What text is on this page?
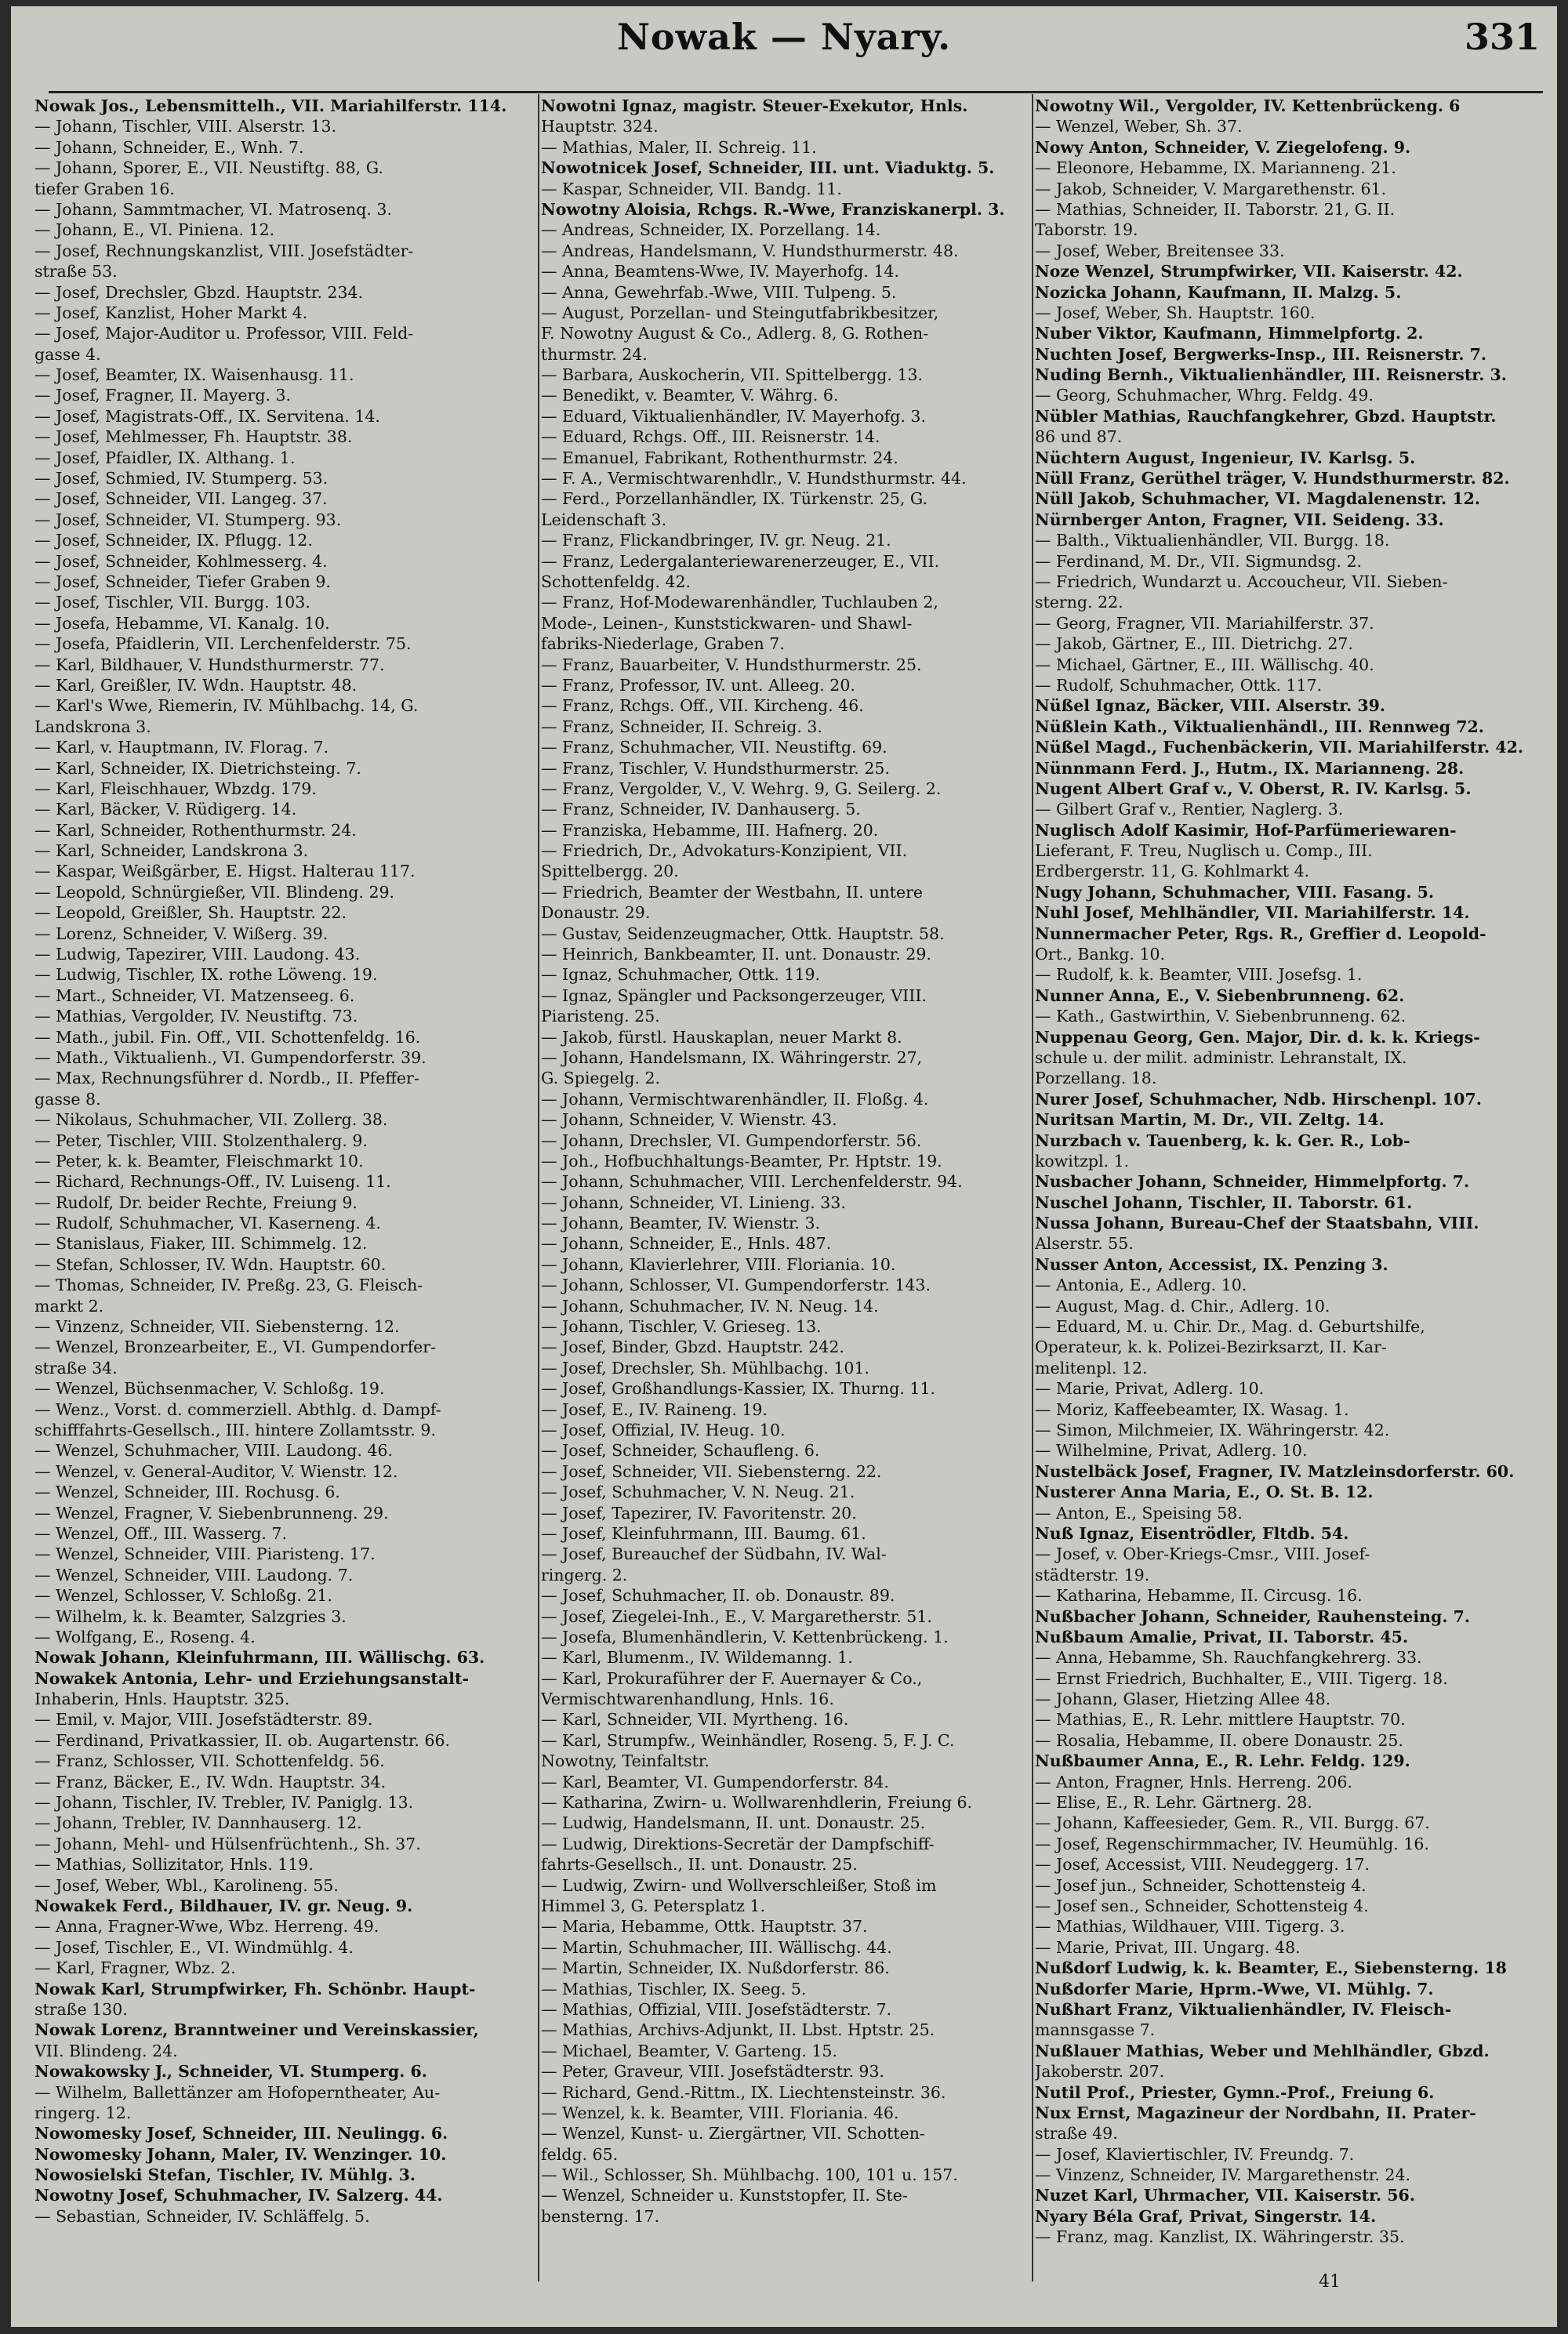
Nowak — Nyary.	331
Nowak Jos., Lebensmittelh., VII. Mariahilferstr. 114.
— Johann, Tischler, VIII. Alserstr. 13.
— Johann, Schneider, E., Wnh. 7.
— Johann, Sporer, E., VII. Neustiftg. 88, G.
tiefer Graben 16.
— Johann, Sammtmacher, VI. Matrosenq. 3.
— Johann, E., VI. Piniena. 12.
— Josef, Rechnungskanzlist, VIII. Josefstädter-
straße 53.
— Josef, Drechsler, Gbzd. Hauptstr. 234.
— Josef, Kanzlist, Hoher Markt 4.
— Josef, Major-Auditor u. Professor, VIII. Feld-
gasse 4.
— Josef, Beamter, IX. Waisenhausg. 11.
— Josef, Fragner, II. Mayerg. 3.
— Josef, Magistrats-Off., IX. Servitena. 14.
— Josef, Mehlmesser, Fh. Hauptstr. 38.
— Josef, Pfaidler, IX. Althang. 1.
— Josef, Schmied, IV. Stumperg. 53.
— Josef, Schneider, VII. Langeg. 37.
— Josef, Schneider, VI. Stumperg. 93.
— Josef, Schneider, IX. Pflugg. 12.
— Josef, Schneider, Kohlmesserg. 4.
— Josef, Schneider, Tiefer Graben 9.
— Josef, Tischler, VII. Burgg. 103.
— Josefa, Hebamme, VI. Kanalg. 10.
— Josefa, Pfaidlerin, VII. Lerchenfelderstr. 75.
— Karl, Bildhauer, V. Hundsthurmerstr. 77.
— Karl, Greißler, IV. Wdn. Hauptstr. 48.
— Karl's Wwe, Riemerin, IV. Mühlbachg. 14, G.
Landskrona 3.
— Karl, v. Hauptmann, IV. Florag. 7.
— Karl, Schneider, IX. Dietrichsteing. 7.
— Karl, Fleischhauer, Wbzdg. 179.
— Karl, Bäcker, V. Rüdigerg. 14.
— Karl, Schneider, Rothenthurmstr. 24.
— Karl, Schneider, Landskrona 3.
— Kaspar, Weißgärber, E. Higst. Halterau 117.
— Leopold, Schnürgießer, VII. Blindeng. 29.
— Leopold, Greißler, Sh. Hauptstr. 22.
— Lorenz, Schneider, V. Wißerg. 39.
— Ludwig, Tapezirer, VIII. Laudong. 43.
— Ludwig, Tischler, IX. rothe Löweng. 19.
— Mart., Schneider, VI. Matzenseeg. 6.
— Mathias, Vergolder, IV. Neustiftg. 73.
— Math., jubil. Fin. Off., VII. Schottenfeldg. 16.
— Math., Viktualienh., VI. Gumpendorferstr. 39.
— Max, Rechnungsführer d. Nordb., II. Pfeffer-
gasse 8.
— Nikolaus, Schuhmacher, VII. Zollerg. 38.
— Peter, Tischler, VIII. Stolzenthalerg. 9.
— Peter, k. k. Beamter, Fleischmarkt 10.
— Richard, Rechnungs-Off., IV. Luiseng. 11.
— Rudolf, Dr. beider Rechte, Freiung 9.
— Rudolf, Schuhmacher, VI. Kaserneng. 4.
— Stanislaus, Fiaker, III. Schimmelg. 12.
— Stefan, Schlosser, IV. Wdn. Hauptstr. 60.
— Thomas, Schneider, IV. Preßg. 23, G. Fleisch-
markt 2.
— Vinzenz, Schneider, VII. Siebensterng. 12.
— Wenzel, Bronzearbeiter, E., VI. Gumpendorfer-
straße 34.
— Wenzel, Büchsenmacher, V. Schloßg. 19.
— Wenz., Vorst. d. commerziell. Abthlg. d. Dampf-
schifffahrts-Gesellsch., III. hintere Zollamtsstr. 9.
— Wenzel, Schuhmacher, VIII. Laudong. 46.
— Wenzel, v. General-Auditor, V. Wienstr. 12.
— Wenzel, Schneider, III. Rochusg. 6.
— Wenzel, Fragner, V. Siebenbrunneng. 29.
— Wenzel, Off., III. Wasserg. 7.
— Wenzel, Schneider, VIII. Piaristeng. 17.
— Wenzel, Schneider, VIII. Laudong. 7.
— Wenzel, Schlosser, V. Schloßg. 21.
— Wilhelm, k. k. Beamter, Salzgries 3.
— Wolfgang, E., Roseng. 4.
Nowak Johann, Kleinfuhrmann, III. Wällischg. 63.
Nowakek Antonia, Lehr- und Erziehungsanstalt-
Inhaberin, Hnls. Hauptstr. 325.
— Emil, v. Major, VIII. Josefstädterstr. 89.
— Ferdinand, Privatkassier, II. ob. Augartenstr. 66.
— Franz, Schlosser, VII. Schottenfeldg. 56.
— Franz, Bäcker, E., IV. Wdn. Hauptstr. 34.
— Johann, Tischler, IV. Trebler, IV. Paniglg. 13.
— Johann, Trebler, IV. Dannhauserg. 12.
— Johann, Mehl- und Hülsenfrüchtenh., Sh. 37.
— Mathias, Sollizitator, Hnls. 119.
— Josef, Weber, Wbl., Karolineng. 55.
Nowakek Ferd., Bildhauer, IV. gr. Neug. 9.
— Anna, Fragner-Wwe, Wbz. Herreng. 49.
— Josef, Tischler, E., VI. Windmühlg. 4.
— Karl, Fragner, Wbz. 2.
Nowak Karl, Strumpfwirker, Fh. Schönbr. Haupt-
straße 130.
Nowak Lorenz, Branntweiner und Vereinskassier,
VII. Blindeng. 24.
Nowakowsky J., Schneider, VI. Stumperg. 6.
— Wilhelm, Ballettänzer am Hofoperntheater, Au-
ringerg. 12.
Nowomesky Josef, Schneider, III. Neulingg. 6.
Nowomesky Johann, Maler, IV. Wenzinger. 10.
Nowosielski Stefan, Tischler, IV. Mühlg. 3.
Nowotny Josef, Schuhmacher, IV. Salzerg. 44.
— Sebastian, Schneider, IV. Schläffelg. 5.
Nowotni Ignaz, magistr. Steuer-Exekutor, Hnls.
Hauptstr. 324.
— Mathias, Maler, II. Schreig. 11.
Nowotnicek Josef, Schneider, III. unt. Viaduktg. 5.
— Kaspar, Schneider, VII. Bandg. 11.
Nowotny Aloisia, Rchgs. R.-Wwe, Franziskanerpl. 3.
— Andreas, Schneider, IX. Porzellang. 14.
— Andreas, Handelsmann, V. Hundsthurmerstr. 48.
— Anna, Beamtens-Wwe, IV. Mayerhofg. 14.
— Anna, Gewehrfab.-Wwe, VIII. Tulpeng. 5.
— August, Porzellan- und Steingutfabrikbesitzer,
F. Nowotny August & Co., Adlerg. 8, G. Rothen-
thurmstr. 24.
— Barbara, Auskocherin, VII. Spittelbergg. 13.
— Benedikt, v. Beamter, V. Währg. 6.
— Eduard, Viktualienhändler, IV. Mayerhofg. 3.
— Eduard, Rchgs. Off., III. Reisnerstr. 14.
— Emanuel, Fabrikant, Rothenthurmstr. 24.
— F. A., Vermischtwarenhdlr., V. Hundsthurmstr. 44.
— Ferd., Porzellanhändler, IX. Türkenstr. 25, G.
Leidenschaft 3.
— Franz, Flickandbringer, IV. gr. Neug. 21.
— Franz, Ledergalanteriewarenerzeuger, E., VII.
Schottenfeldg. 42.
— Franz, Hof-Modewarenhändler, Tuchlauben 2,
Mode-, Leinen-, Kunststickwaren- und Shawl-
fabriks-Niederlage, Graben 7.
— Franz, Bauarbeiter, V. Hundsthurmerstr. 25.
— Franz, Professor, IV. unt. Alleeg. 20.
— Franz, Rchgs. Off., VII. Kircheng. 46.
— Franz, Schneider, II. Schreig. 3.
— Franz, Schuhmacher, VII. Neustiftg. 69.
— Franz, Tischler, V. Hundsthurmerstr. 25.
— Franz, Vergolder, V., V. Wehrg. 9, G. Seilerg. 2.
— Franz, Schneider, IV. Danhauserg. 5.
— Franziska, Hebamme, III. Hafnerg. 20.
— Friedrich, Dr., Advokaturs-Konzipient, VII.
Spittelbergg. 20.
— Friedrich, Beamter der Westbahn, II. untere
Donaustr. 29.
— Gustav, Seidenzeugmacher, Ottk. Hauptstr. 58.
— Heinrich, Bankbeamter, II. unt. Donaustr. 29.
— Ignaz, Schuhmacher, Ottk. 119.
— Ignaz, Spängler und Packsongerzeuger, VIII.
Piaristeng. 25.
— Jakob, fürstl. Hauskaplan, neuer Markt 8.
— Johann, Handelsmann, IX. Währingerstr. 27,
G. Spiegelg. 2.
— Johann, Vermischtwarenhändler, II. Floßg. 4.
— Johann, Schneider, V. Wienstr. 43.
— Johann, Drechsler, VI. Gumpendorferstr. 56.
— Joh., Hofbuchhaltungs-Beamter, Pr. Hptstr. 19.
— Johann, Schuhmacher, VIII. Lerchenfelderstr. 94.
— Johann, Schneider, VI. Linieng. 33.
— Johann, Beamter, IV. Wienstr. 3.
— Johann, Schneider, E., Hnls. 487.
— Johann, Klavierlehrer, VIII. Floriania. 10.
— Johann, Schlosser, VI. Gumpendorferstr. 143.
— Johann, Schuhmacher, IV. N. Neug. 14.
— Johann, Tischler, V. Grieseg. 13.
— Josef, Binder, Gbzd. Hauptstr. 242.
— Josef, Drechsler, Sh. Mühlbachg. 101.
— Josef, Großhandlungs-Kassier, IX. Thurng. 11.
— Josef, E., IV. Raineng. 19.
— Josef, Offizial, IV. Heug. 10.
— Josef, Schneider, Schaufleng. 6.
— Josef, Schneider, VII. Siebensterng. 22.
— Josef, Schuhmacher, V. N. Neug. 21.
— Josef, Tapezirer, IV. Favoritenstr. 20.
— Josef, Kleinfuhrmann, III. Baumg. 61.
— Josef, Bureauchef der Südbahn, IV. Wal-
ringerg. 2.
— Josef, Schuhmacher, II. ob. Donaustr. 89.
— Josef, Ziegelei-Inh., E., V. Margaretherstr. 51.
— Josefa, Blumenhändlerin, V. Kettenbrückeng. 1.
— Karl, Blumenm., IV. Wildemanng. 1.
— Karl, Prokuraführer der F. Auernayer & Co.,
Vermischtwarenhandlung, Hnls. 16.
— Karl, Schneider, VII. Myrtheng. 16.
— Karl, Strumpfw., Weinhändler, Roseng. 5, F. J. C.
Nowotny, Teinfaltstr.
— Karl, Beamter, VI. Gumpendorferstr. 84.
— Katharina, Zwirn- u. Wollwarenhdlerin, Freiung 6.
— Ludwig, Handelsmann, II. unt. Donaustr. 25.
— Ludwig, Direktions-Secretär der Dampfschiff-
fahrts-Gesellsch., II. unt. Donaustr. 25.
— Ludwig, Zwirn- und Wollverschleißer, Stoß im
Himmel 3, G. Petersplatz 1.
— Maria, Hebamme, Ottk. Hauptstr. 37.
— Martin, Schuhmacher, III. Wällischg. 44.
— Martin, Schneider, IX. Nußdorferstr. 86.
— Mathias, Tischler, IX. Seeg. 5.
— Mathias, Offizial, VIII. Josefstädterstr. 7.
— Mathias, Archivs-Adjunkt, II. Lbst. Hptstr. 25.
— Michael, Beamter, V. Garteng. 15.
— Peter, Graveur, VIII. Josefstädterstr. 93.
— Richard, Gend.-Rittm., IX. Liechtensteinstr. 36.
— Wenzel, k. k. Beamter, VIII. Floriania. 46.
— Wenzel, Kunst- u. Ziergärtner, VII. Schotten-
feldg. 65.
— Wil., Schlosser, Sh. Mühlbachg. 100, 101 u. 157.
— Wenzel, Schneider u. Kunststopfer, II. Ste-
bensterng. 17.
Nowotny Wil., Vergolder, IV. Kettenbrückeng. 6
— Wenzel, Weber, Sh. 37.
Nowy Anton, Schneider, V. Ziegelofeng. 9.
— Eleonore, Hebamme, IX. Marianneng. 21.
— Jakob, Schneider, V. Margarethenstr. 61.
— Mathias, Schneider, II. Taborstr. 21, G. II.
Taborstr. 19.
— Josef, Weber, Breitensee 33.
Noze Wenzel, Strumpfwirker, VII. Kaiserstr. 42.
Nozicka Johann, Kaufmann, II. Malzg. 5.
— Josef, Weber, Sh. Hauptstr. 160.
Nuber Viktor, Kaufmann, Himmelpfortg. 2.
Nuchten Josef, Bergwerks-Insp., III. Reisnerstr. 7.
Nuding Bernh., Viktualienhändler, III. Reisnerstr. 3.
— Georg, Schuhmacher, Whrg. Feldg. 49.
Nübler Mathias, Rauchfangkehrer, Gbzd. Hauptstr.
86 und 87.
Nüchtern August, Ingenieur, IV. Karlsg. 5.
Nüll Franz, Gerüthel träger, V. Hundsthurmerstr. 82.
Nüll Jakob, Schuhmacher, VI. Magdalenenstr. 12.
Nürnberger Anton, Fragner, VII. Seideng. 33.
— Balth., Viktualienhändler, VII. Burgg. 18.
— Ferdinand, M. Dr., VII. Sigmundsg. 2.
— Friedrich, Wundarzt u. Accoucheur, VII. Sieben-
sterng. 22.
— Georg, Fragner, VII. Mariahilferstr. 37.
— Jakob, Gärtner, E., III. Dietrichg. 27.
— Michael, Gärtner, E., III. Wällischg. 40.
— Rudolf, Schuhmacher, Ottk. 117.
Nüßel Ignaz, Bäcker, VIII. Alserstr. 39.
Nüßlein Kath., Viktualienhändl., III. Rennweg 72.
Nüßel Magd., Fuchenbäckerin, VII. Mariahilferstr. 42.
Nünnmann Ferd. J., Hutm., IX. Marianneng. 28.
Nugent Albert Graf v., V. Oberst, R. IV. Karlsg. 5.
— Gilbert Graf v., Rentier, Naglerg. 3.
Nuglisch Adolf Kasimir, Hof-Parfümeriewaren-
Lieferant, F. Treu, Nuglisch u. Comp., III.
Erdbergerstr. 11, G. Kohlmarkt 4.
Nugy Johann, Schuhmacher, VIII. Fasang. 5.
Nuhl Josef, Mehlhändler, VII. Mariahilferstr. 14.
Nunnermacher Peter, Rgs. R., Greffier d. Leopold-
Ort., Bankg. 10.
— Rudolf, k. k. Beamter, VIII. Josefsg. 1.
Nunner Anna, E., V. Siebenbrunneng. 62.
— Kath., Gastwirthin, V. Siebenbrunneng. 62.
Nuppenau Georg, Gen. Major, Dir. d. k. k. Kriegs-
schule u. der milit. administr. Lehranstalt, IX.
Porzellang. 18.
Nurer Josef, Schuhmacher, Ndb. Hirschenpl. 107.
Nuritsan Martin, M. Dr., VII. Zeltg. 14.
Nurzbach v. Tauenberg, k. k. Ger. R., Lob-
kowitzpl. 1.
Nusbacher Johann, Schneider, Himmelpfortg. 7.
Nuschel Johann, Tischler, II. Taborstr. 61.
Nussa Johann, Bureau-Chef der Staatsbahn, VIII.
Alserstr. 55.
Nusser Anton, Accessist, IX. Penzing 3.
— Antonia, E., Adlerg. 10.
— August, Mag. d. Chir., Adlerg. 10.
— Eduard, M. u. Chir. Dr., Mag. d. Geburtshilfe,
Operateur, k. k. Polizei-Bezirksarzt, II. Kar-
melitenpl. 12.
— Marie, Privat, Adlerg. 10.
— Moriz, Kaffeebeamter, IX. Wasag. 1.
— Simon, Milchmeier, IX. Währingerstr. 42.
— Wilhelmine, Privat, Adlerg. 10.
Nustelbäck Josef, Fragner, IV. Matzleinsdorferstr. 60.
Nusterer Anna Maria, E., O. St. B. 12.
— Anton, E., Speising 58.
Nuß Ignaz, Eisentrödler, Fltdb. 54.
— Josef, v. Ober-Kriegs-Cmsr., VIII. Josef-
städterstr. 19.
— Katharina, Hebamme, II. Circusg. 16.
Nußbacher Johann, Schneider, Rauhensteing. 7.
Nußbaum Amalie, Privat, II. Taborstr. 45.
— Anna, Hebamme, Sh. Rauchfangkehrerg. 33.
— Ernst Friedrich, Buchhalter, E., VIII. Tigerg. 18.
— Johann, Glaser, Hietzing Allee 48.
— Mathias, E., R. Lehr. mittlere Hauptstr. 70.
— Rosalia, Hebamme, II. obere Donaustr. 25.
Nußbaumer Anna, E., R. Lehr. Feldg. 129.
— Anton, Fragner, Hnls. Herreng. 206.
— Elise, E., R. Lehr. Gärtnerg. 28.
— Johann, Kaffeesieder, Gem. R., VII. Burgg. 67.
— Josef, Regenschirmmacher, IV. Heumühlg. 16.
— Josef, Accessist, VIII. Neudeggerg. 17.
— Josef jun., Schneider, Schottensteig 4.
— Josef sen., Schneider, Schottensteig 4.
— Mathias, Wildhauer, VIII. Tigerg. 3.
— Marie, Privat, III. Ungarg. 48.
Nußdorf Ludwig, k. k. Beamter, E., Siebensterng. 18
Nußdorfer Marie, Hprm.-Wwe, VI. Mühlg. 7.
Nußhart Franz, Viktualienhändler, IV. Fleisch-
mannsgasse 7.
Nußlauer Mathias, Weber und Mehlhändler, Gbzd.
Jakoberstr. 207.
Nutil Prof., Priester, Gymn.-Prof., Freiung 6.
Nux Ernst, Magazineur der Nordbahn, II. Prater-
straße 49.
— Josef, Klaviertischler, IV. Freundg. 7.
— Vinzenz, Schneider, IV. Margarethenstr. 24.
Nuzet Karl, Uhrmacher, VII. Kaiserstr. 56.
Nyary Béla Graf, Privat, Singerstr. 14.
— Franz, mag. Kanzlist, IX. Währingerstr. 35.
41
